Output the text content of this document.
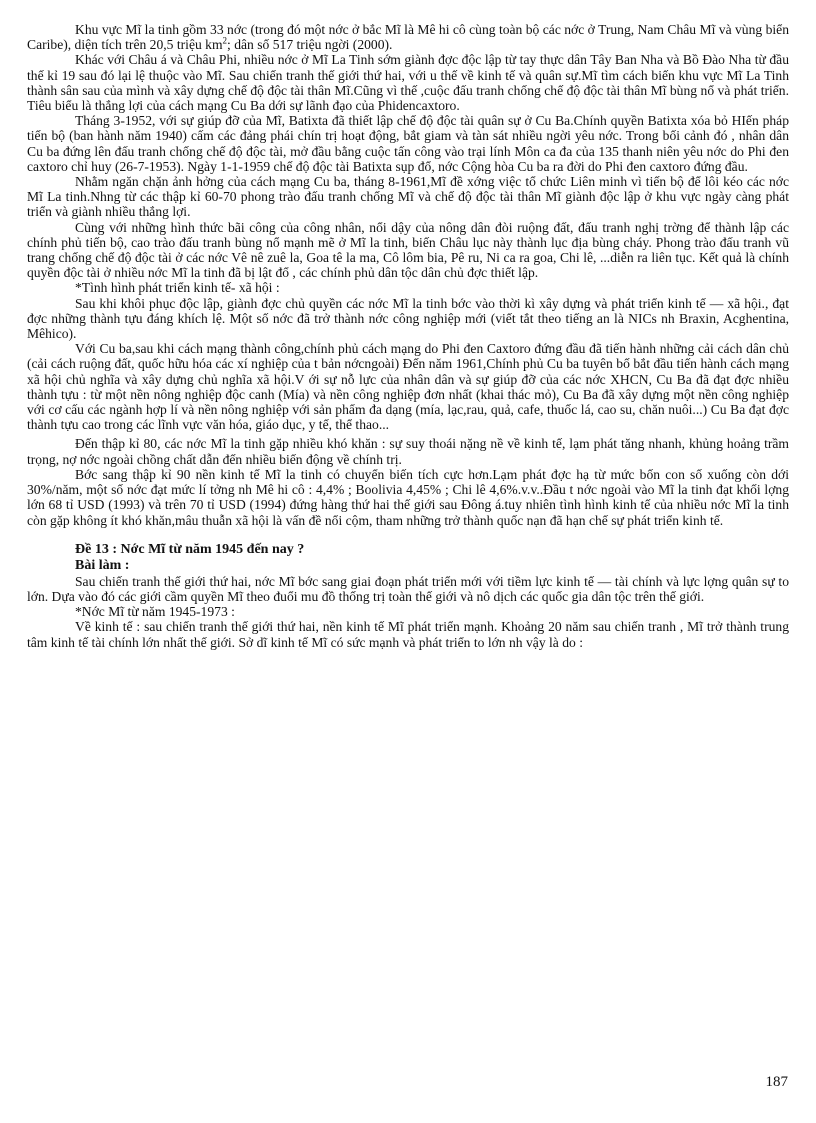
Khu vực Mĩ la tinh gồm 33 nớc (trong đó một nớc ở bắc Mĩ là Mê hi cô cùng toàn bộ các nớc ở Trung, Nam Châu Mĩ và vùng biển Caribe), diện tích trên 20,5 triệu $km^2$; dân số 517 triệu ngời (2000).

Khác với Châu á và Châu Phi, nhiều nớc ở Mĩ La Tinh sớm giành đợc độc lập từ tay thực dân Tây Ban Nha và Bồ Đào Nha từ đầu thế kỉ 19 sau đó lại lệ thuộc vào Mĩ. Sau chiến tranh thế giới thứ hai, với u thế về kinh tế và quân sự.Mĩ tìm cách biến khu vực Mĩ La Tinh thành sân sau của mình và xây dựng chế độ độc tài thân Mĩ.Cũng vì thế ,cuộc đấu tranh chống chế độ độc tài thân Mĩ bùng nổ và phát triển. Tiêu biểu là thắng lợi của cách mạng Cu Ba dới sự lãnh đạo của Phidencaxtoro.

Tháng 3-1952, với sự giúp đỡ của Mĩ, Batixta đã thiết lập chế độ độc tài quân sự ở Cu Ba.Chính quyền Batixta xóa bỏ HIến pháp tiến bộ (ban hành năm 1940) cấm các đảng phái chín trị hoạt động, bắt giam và tàn sát nhiều ngời yêu nớc. Trong bối cảnh đó , nhân dân Cu ba đứng lên đấu tranh chống chế độ độc tài, mở đầu bằng cuộc tấn công vào trại lính Môn ca đa của 135 thanh niên yêu nớc do Phi đen caxtoro chỉ huy (26-7-1953). Ngày 1-1-1959 chế độ độc tài Batixta sụp đổ, nớc Cộng hòa Cu ba ra đời do Phi đen caxtoro đứng đầu.

Nhằm ngăn chặn ảnh hởng của cách mạng Cu ba, tháng 8-1961,Mĩ đề xớng việc tổ chức Liên minh vì tiến bộ để lôi kéo các nớc Mĩ La tinh.Nhng từ các thập kỉ 60-70 phong trào đấu tranh chống Mĩ và chế độ độc tài thân Mĩ giành độc lập ở khu vực ngày càng phát triển và giành nhiều thắng lợi.

Cùng với những hình thức bãi công của công nhân, nổi dậy của nông dân đòi ruộng đất, đấu tranh nghị trờng để thành lập các chính phủ tiến bộ, cao trào đấu tranh bùng nổ mạnh mẽ ở Mĩ la tinh, biến Châu lục này thành lục địa bùng cháy. Phong trào đấu tranh vũ trang chống chế độ độc tài ở các nớc Vê nê zuê la, Goa tê la ma, Cô lôm bia, Pê ru, Ni ca ra goa, Chi lê, ...diễn ra liên tục. Kết quả là chính quyền độc tài ở nhiều nớc Mĩ la tinh đã bị lật đổ , các chính phủ dân tộc dân chủ đợc thiết lập.

*Tình hình phát triển kinh tế- xã hội :

Sau khi khôi phục độc lập, giành đợc chủ quyền các nớc Mĩ la tinh bớc vào thời kì xây dựng và phát triển kinh tế — xã hội., đạt đợc những thành tựu đáng khích lệ. Một số nớc đã trở thành nớc công nghiệp mới (viết tắt theo tiếng an là NICs nh Braxin, Acghentina, Mêhico).

Với Cu ba,sau khi cách mạng thành công,chính phủ cách mạng do Phi đen Caxtoro đứng đầu đã tiến hành những cải cách dân chủ (cải cách ruộng đất, quốc hữu hóa các xí nghiệp của t bản nớcngoài) Đến năm 1961,Chính phủ Cu ba tuyên bố bắt đầu tiến hành cách mạng xã hội chủ nghĩa và xây dựng chủ nghĩa xã hội.V ới sự nỗ lực của nhân dân và sự giúp đỡ của các nớc XHCN, Cu Ba đã đạt đợc nhiều thành tựu : từ một nền nông nghiệp độc canh (Mía) và nền công nghiệp đơn nhất (khai thác mỏ), Cu Ba đã xây dựng một nền công nghiệp với cơ cấu các ngành hợp lí và nền nông nghiệp với sản phẩm đa dạng (mía, lạc,rau, quả, cafe, thuốc lá, cao su, chăn nuôi...) Cu Ba đạt đợc thành tựu cao trong các lĩnh vực văn hóa, giáo dục, y tế, thể thao...

Đến thập kỉ 80, các nớc Mĩ la tinh gặp nhiều khó khăn : sự suy thoái nặng nề về kinh tế, lạm phát tăng nhanh, khủng hoảng trầm trọng, nợ nớc ngoài chồng chất dẫn đến nhiều biến động về chính trị.

Bớc sang thập kỉ 90 nền kinh tế Mĩ la tinh có chuyển biến tích cực hơn.Lạm phát đợc hạ từ mức bốn con số xuống còn dới 30%/năm, một số nớc đạt mức lí tởng nh Mê hi cô : 4,4% ; Boolivia 4,45% ; Chi lê 4,6%.v.v..Đầu t nớc ngoài vào Mĩ la tinh đạt khối lợng lớn 68 tỉ USD (1993) và trên 70 tỉ USD (1994) đứng hàng thứ hai thế giới sau Đông á.tuy nhiên tình hình kinh tế của nhiều nớc Mĩ la tinh còn gặp không ít khó khăn,mâu thuẫn xã hội là vấn đề nổi cộm, tham những trở thành quốc nạn đã hạn chế sự phát triển kinh tế.

Đề 13 : Nớc Mĩ từ năm 1945 đến nay ?

Bài làm :

Sau chiến tranh thế giới thứ hai, nớc Mĩ bớc sang giai đoạn phát triển mới với tiềm lực kinh tế — tài chính và lực lợng quân sự to lớn. Dựa vào đó các giới cầm quyền Mĩ theo đuổi mu đồ thống trị toàn thế giới và nô dịch các quốc gia dân tộc trên thế giới.

*Nớc Mĩ từ năm 1945-1973 :

Về kinh tế : sau chiến tranh thế giới thứ hai, nền kinh tế Mĩ phát triển mạnh. Khoảng 20 năm sau chiến tranh , Mĩ trở thành trung tâm kinh tế tài chính lớn nhất thế giới. Sở dĩ kinh tế Mĩ có sức mạnh và phát triển to lớn nh vậy là do :

187
